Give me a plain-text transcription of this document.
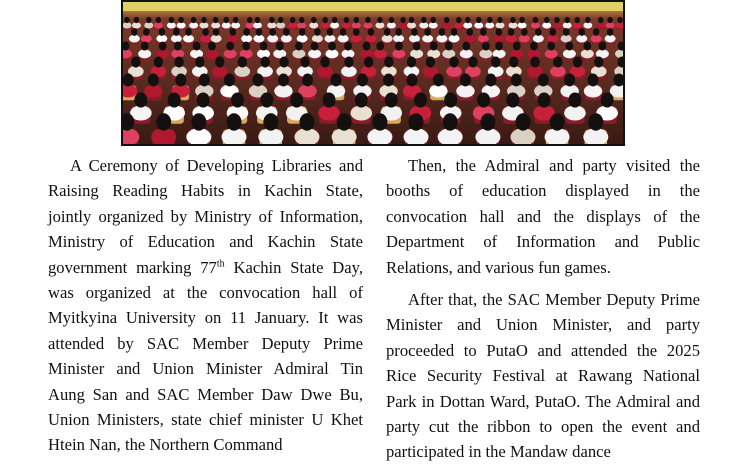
A Ceremony of Developing Libraries and Raising Reading Habits in Kachin State, jointly organized by Ministry of Information, Ministry of Education and Kachin State government marking 77th Kachin State Day, was organized at the convocation hall of Myitkyina University on 11 January. It was attended by SAC Member Deputy Prime Minister and Union Minister Admiral Tin Aung San and SAC Member Daw Dwe Bu, Union Ministers, state chief minister U Khet Htein Nan, the Northern Command

Then, the Admiral and party visited the booths of education displayed in the convocation hall and the displays of the Department of Information and Public Relations, and various fun games.

After that, the SAC Member Deputy Prime Minister and Union Minister, and party proceeded to PutaO and attended the 2025 Rice Security Festival at Rawang National Park in Dottan Ward, PutaO. The Admiral and party cut the ribbon to open the event and participated in the Mandaw dance
